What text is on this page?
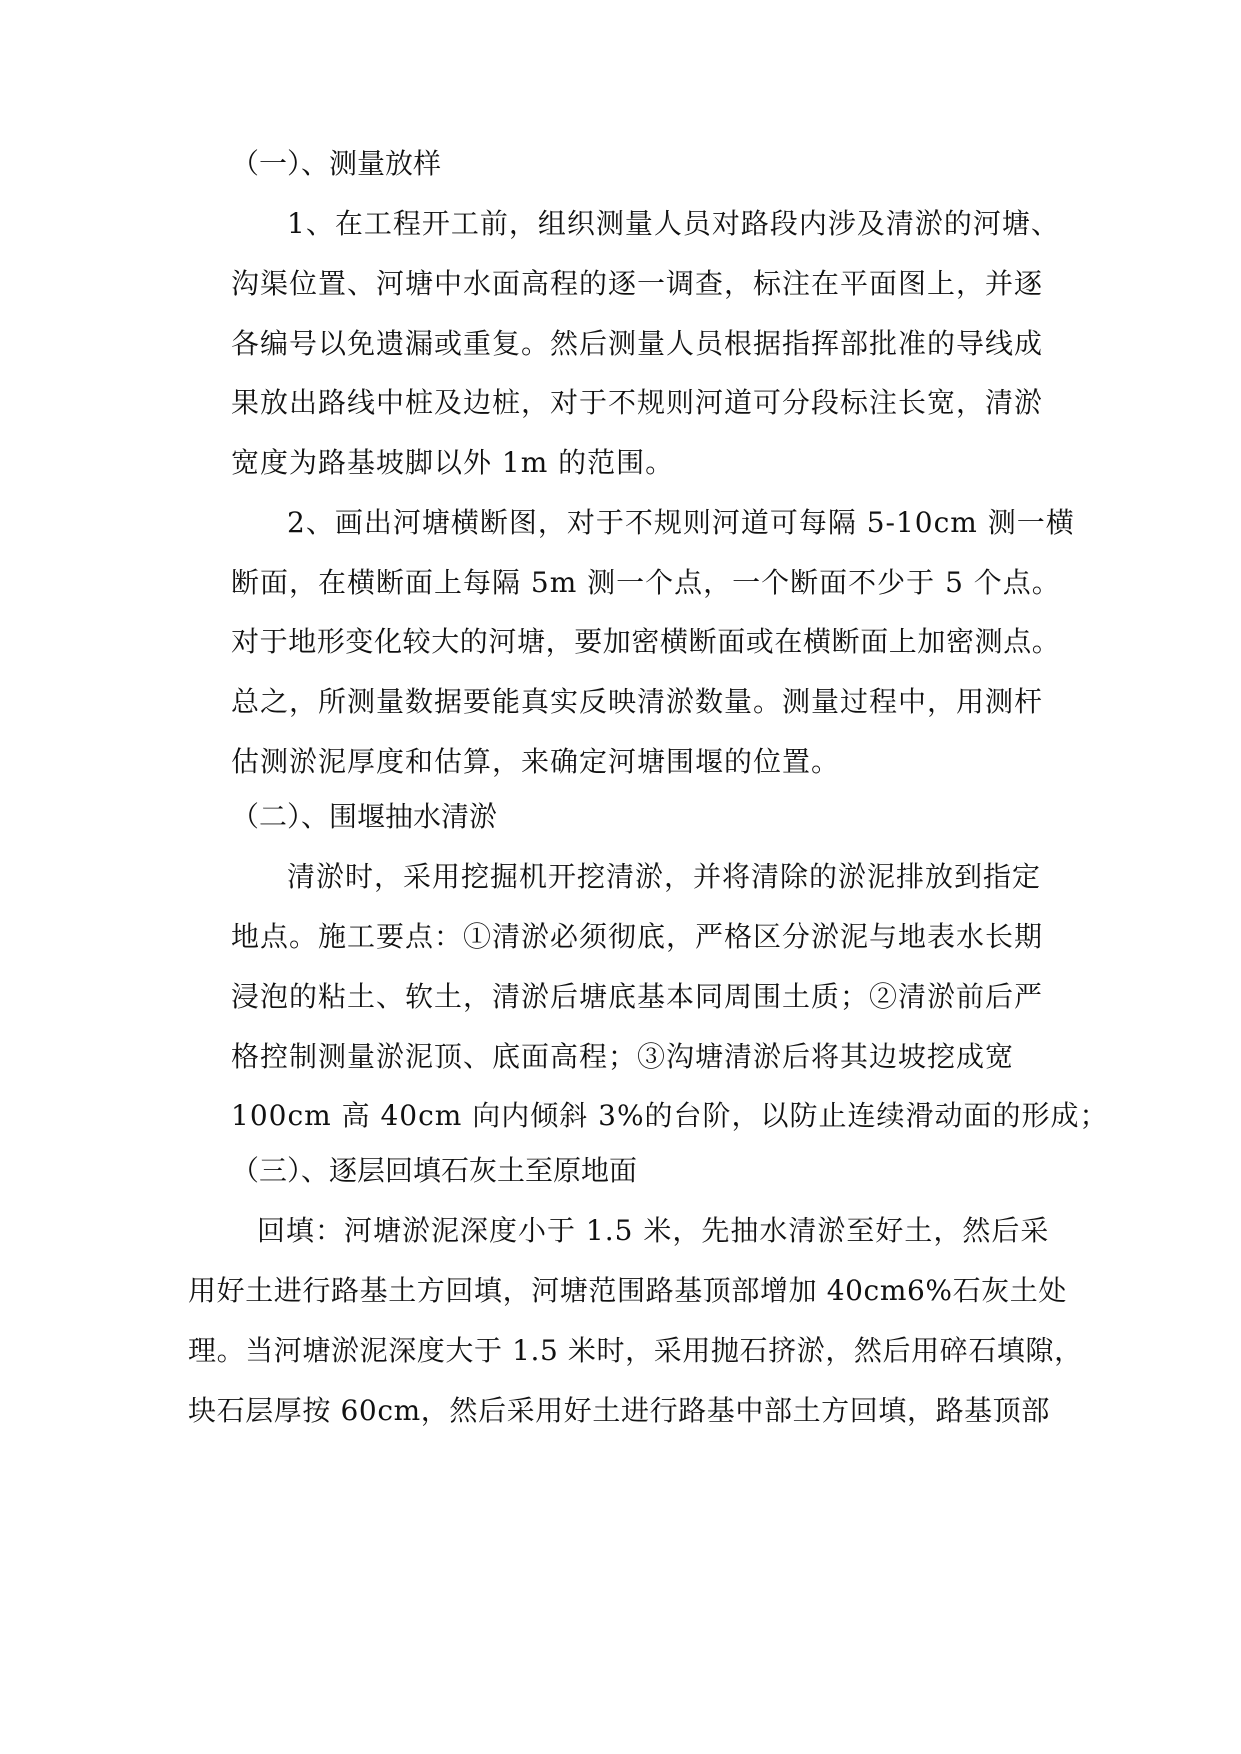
（一）、测量放样
1、在工程开工前，组织测量人员对路段内涉及清淤的河塘、
沟渠位置、河塘中水面高程的逐一调查，标注在平面图上，并逐
各编号以免遗漏或重复。然后测量人员根据指挥部批准的导线成
果放出路线中桩及边桩，对于不规则河道可分段标注长宽，清淤
宽度为路基坡脚以外 1m 的范围。
2、画出河塘横断图，对于不规则河道可每隔 5-10cm 测一横
断面，在横断面上每隔 5m 测一个点，一个断面不少于 5 个点。
对于地形变化较大的河塘，要加密横断面或在横断面上加密测点。
总之，所测量数据要能真实反映清淤数量。测量过程中，用测杆
估测淤泥厚度和估算，来确定河塘围堰的位置。
（二）、围堰抽水清淤
清淤时，采用挖掘机开挖清淤，并将清除的淤泥排放到指定
地点。施工要点：①清淤必须彻底，严格区分淤泥与地表水长期
浸泡的粘土、软土，清淤后塘底基本同周围土质；②清淤前后严
格控制测量淤泥顶、底面高程；③沟塘清淤后将其边坡挖成宽
100cm 高 40cm 向内倾斜 3%的台阶，以防止连续滑动面的形成；
（三）、逐层回填石灰土至原地面
回填：河塘淤泥深度小于 1.5 米，先抽水清淤至好土，然后采
用好土进行路基土方回填，河塘范围路基顶部增加 40cm6%石灰土处
理。当河塘淤泥深度大于 1.5 米时，采用抛石挤淤，然后用碎石填隙，
块石层厚按 60cm，然后采用好土进行路基中部土方回填，路基顶部
